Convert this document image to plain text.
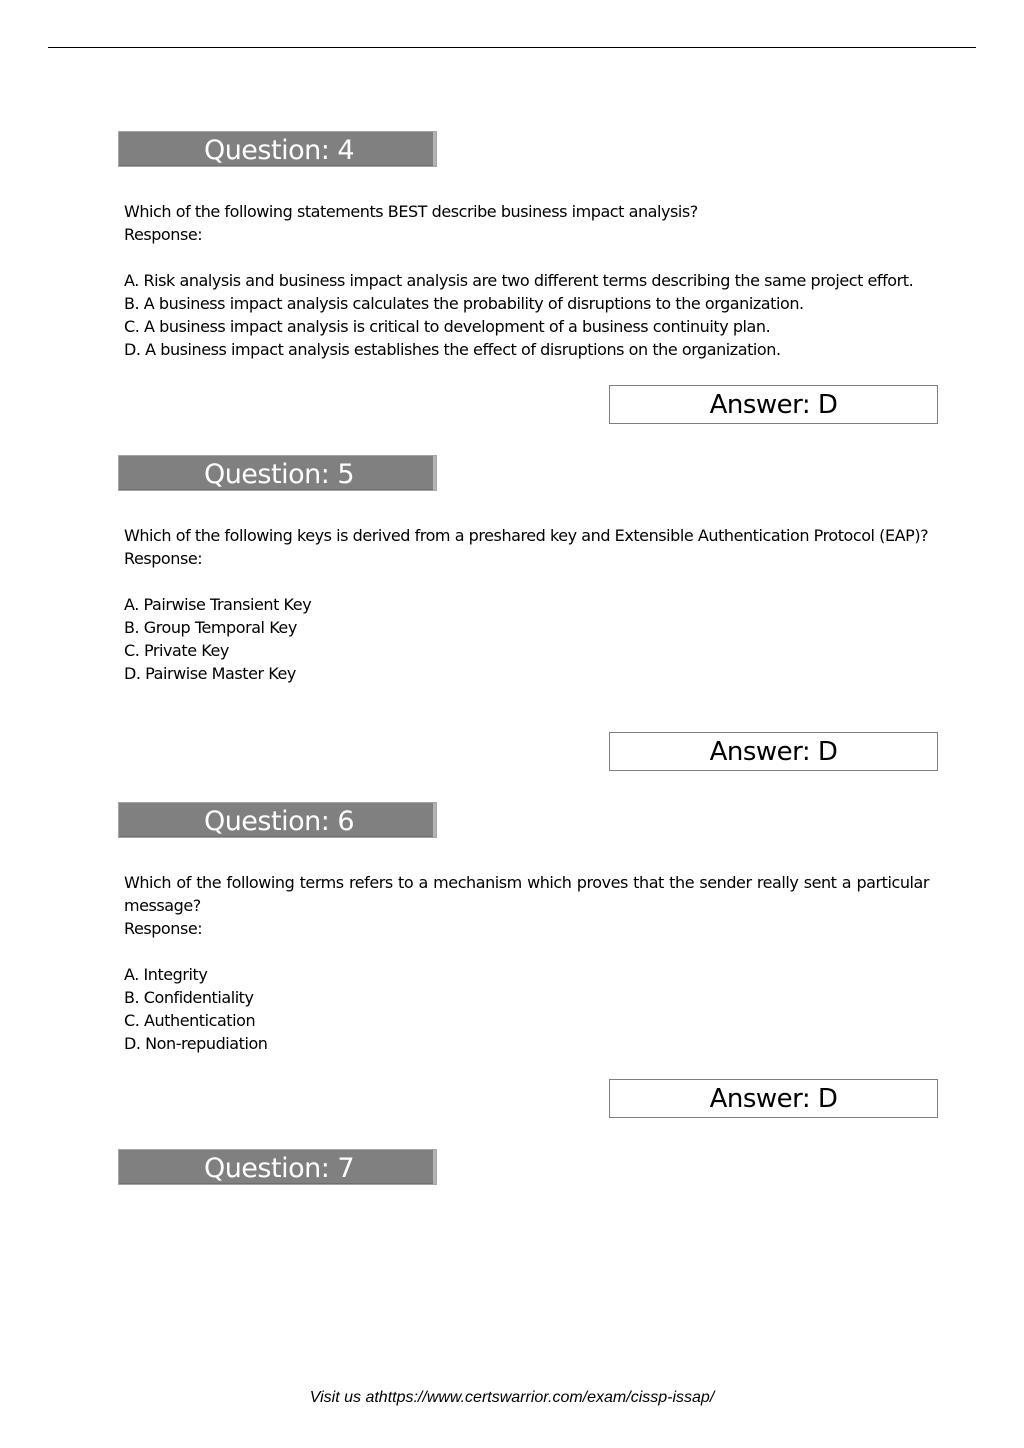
Question: 4

Which of the following statements BEST describe business impact analysis?

Response:

A. Risk analysis and business impact analysis are two different terms describing the same project effort.

B. A business impact analysis calculates the probability of disruptions to the organization.

C. A business impact analysis is critical to development of a business continuity plan.

D. A business impact analysis establishes the effect of disruptions on the organization.

Answer: D
Question: 5

Which of the following keys is derived from a preshared key and Extensible Authentication Protocol (EAP)?

Response:

A. Pairwise Transient Key

B. Group Temporal Key

C. Private Key

D. Pairwise Master Key

Answer: D
Question: 6

Which of the following terms refers to a mechanism which proves that the sender really sent a particular message?

Response:

A. Integrity

B. Confidentiality

C. Authentication

D. Non-repudiation

Answer: D
Question: 7
Visit us athttps://www.certswarrior.com/exam/cissp-issap/
